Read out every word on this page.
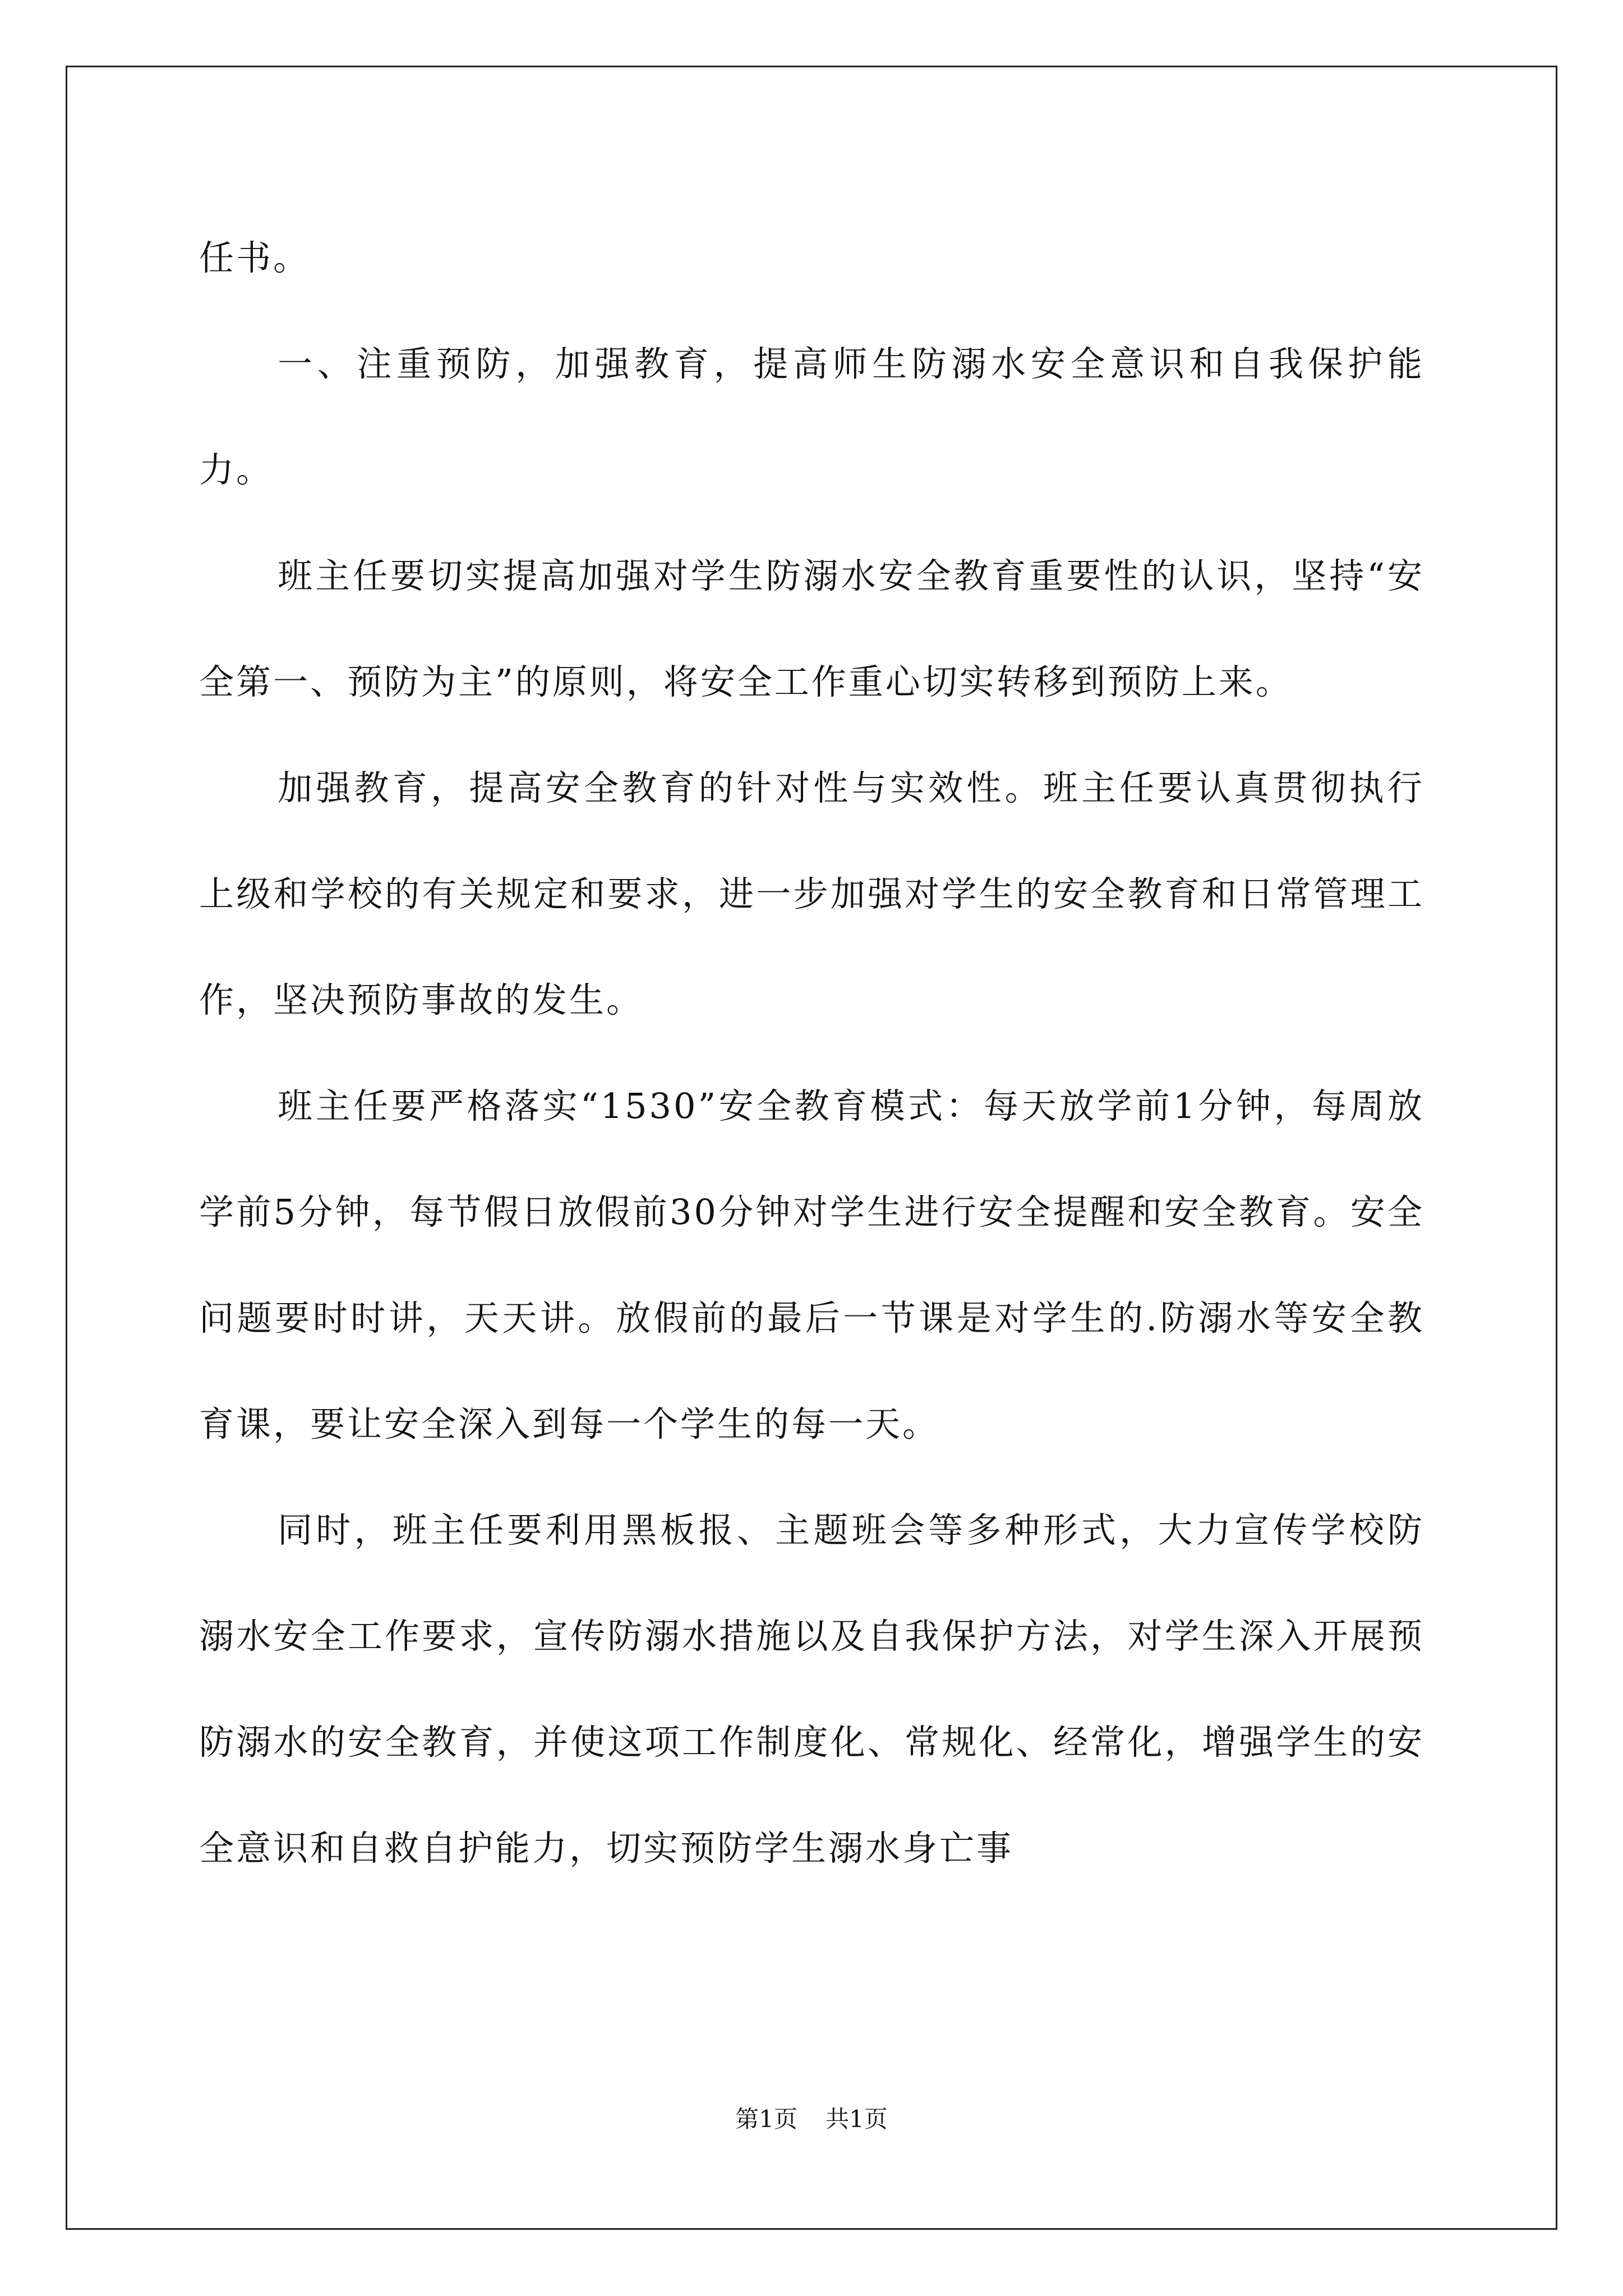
任书。

一、注重预防，加强教育，提高师生防溺水安全意识和自我保护能力。

班主任要切实提高加强对学生防溺水安全教育重要性的认识，坚持“安全第一、预防为主”的原则，将安全工作重心切实转移到预防上来。

加强教育，提高安全教育的针对性与实效性。班主任要认真贯彻执行上级和学校的有关规定和要求，进一步加强对学生的安全教育和日常管理工作，坚决预防事故的发生。

班主任要严格落实“1530”安全教育模式：每天放学前1分钟，每周放学前5分钟，每节假日放假前30分钟对学生进行安全提醒和安全教育。安全问题要时时讲，天天讲。放假前的最后一节课是对学生的.防溺水等安全教育课，要让安全深入到每一个学生的每一天。

同时，班主任要利用黑板报、主题班会等多种形式，大力宣传学校防溺水安全工作要求，宣传防溺水措施以及自我保护方法，对学生深入开展预防溺水的安全教育，并使这项工作制度化、常规化、经常化，增强学生的安全意识和自救自护能力，切实预防学生溺水身亡事

第1页 共1页
